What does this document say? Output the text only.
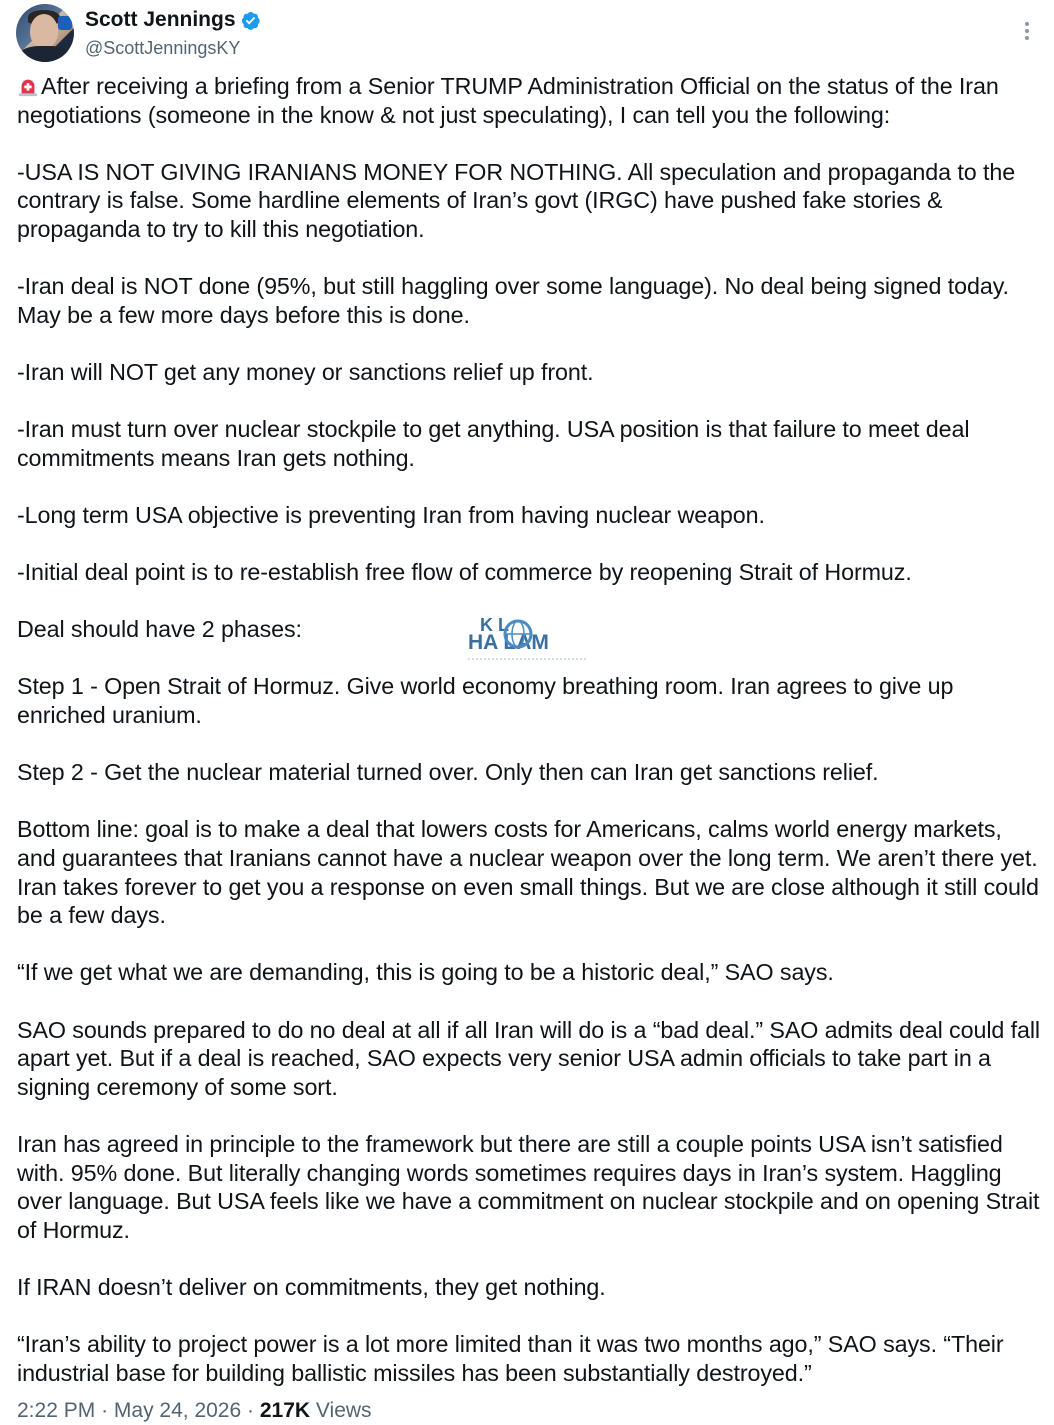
Scott Jennings
@ScottJenningsKY

After receiving a briefing from a Senior TRUMP Administration Official on the status of the Iran negotiations (someone in the know & not just speculating), I can tell you the following:

-USA IS NOT GIVING IRANIANS MONEY FOR NOTHING. All speculation and propaganda to the contrary is false. Some hardline elements of Iran’s govt (IRGC) have pushed fake stories & propaganda to try to kill this negotiation.

-Iran deal is NOT done (95%, but still haggling over some language). No deal being signed today. May be a few more days before this is done.

-Iran will NOT get any money or sanctions relief up front.

-Iran must turn over nuclear stockpile to get anything. USA position is that failure to meet deal commitments means Iran gets nothing.

-Long term USA objective is preventing Iran from having nuclear weapon.

-Initial deal point is to re-establish free flow of commerce by reopening Strait of Hormuz.

Deal should have 2 phases:

Step 1 - Open Strait of Hormuz. Give world economy breathing room. Iran agrees to give up enriched uranium.

Step 2 - Get the nuclear material turned over. Only then can Iran get sanctions relief.

Bottom line: goal is to make a deal that lowers costs for Americans, calms world energy markets, and guarantees that Iranians cannot have a nuclear weapon over the long term. We aren’t there yet. Iran takes forever to get you a response on even small things. But we are close although it still could be a few days.

“If we get what we are demanding, this is going to be a historic deal,” SAO says.

SAO sounds prepared to do no deal at all if all Iran will do is a “bad deal.” SAO admits deal could fall apart yet. But if a deal is reached, SAO expects very senior USA admin officials to take part in a signing ceremony of some sort.

Iran has agreed in principle to the framework but there are still a couple points USA isn’t satisfied with. 95% done. But literally changing words sometimes requires days in Iran’s system. Haggling over language. But USA feels like we have a commitment on nuclear stockpile and on opening Strait of Hormuz.

If IRAN doesn’t deliver on commitments, they get nothing.

“Iran’s ability to project power is a lot more limited than it was two months ago,” SAO says. “Their industrial base for building ballistic missiles has been substantially destroyed.”

K L
HA LAM
2:22 PM · May 24, 2026 · 217K Views
